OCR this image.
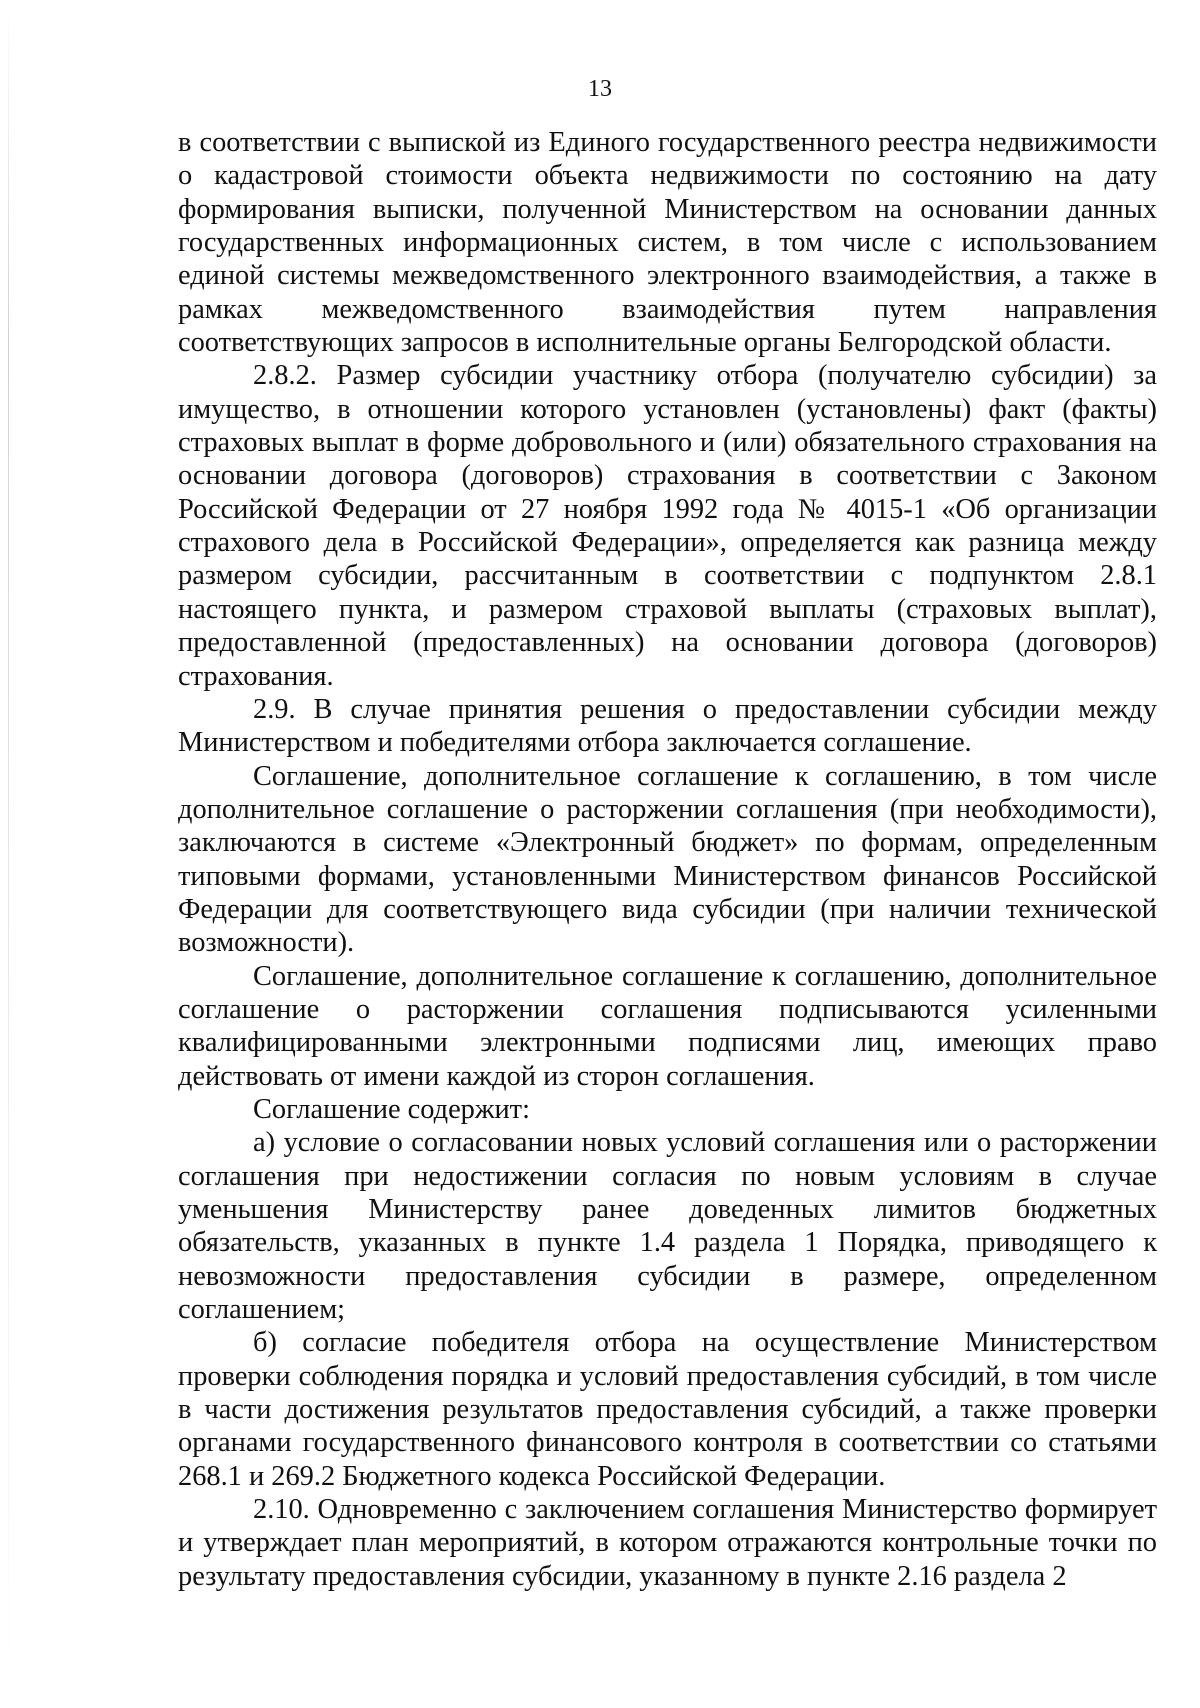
13

в соответствии с выпиской из Единого государственного реестра недвижимости о кадастровой стоимости объекта недвижимости по состоянию на дату формирования выписки, полученной Министерством на основании данных государственных информационных систем, в том числе с использованием единой системы межведомственного электронного взаимодействия, а также в рамках межведомственного взаимодействия путем направления соответствующих запросов в исполнительные органы Белгородской области.

2.8.2. Размер субсидии участнику отбора (получателю субсидии) за имущество, в отношении которого установлен (установлены) факт (факты) страховых выплат в форме добровольного и (или) обязательного страхования на основании договора (договоров) страхования в соответствии с Законом Российской Федерации от 27 ноября 1992 года № 4015-1 «Об организации страхового дела в Российской Федерации», определяется как разница между размером субсидии, рассчитанным в соответствии с подпунктом 2.8.1 настоящего пункта, и размером страховой выплаты (страховых выплат), предоставленной (предоставленных) на основании договора (договоров) страхования.

2.9. В случае принятия решения о предоставлении субсидии между Министерством и победителями отбора заключается соглашение.

Соглашение, дополнительное соглашение к соглашению, в том числе дополнительное соглашение о расторжении соглашения (при необходимости), заключаются в системе «Электронный бюджет» по формам, определенным типовыми формами, установленными Министерством финансов Российской Федерации для соответствующего вида субсидии (при наличии технической возможности).

Соглашение, дополнительное соглашение к соглашению, дополнительное соглашение о расторжении соглашения подписываются усиленными квалифицированными электронными подписями лиц, имеющих право действовать от имени каждой из сторон соглашения.

Соглашение содержит:

а) условие о согласовании новых условий соглашения или о расторжении соглашения при недостижении согласия по новым условиям в случае уменьшения Министерству ранее доведенных лимитов бюджетных обязательств, указанных в пункте 1.4 раздела 1 Порядка, приводящего к невозможности предоставления субсидии в размере, определенном соглашением;

б) согласие победителя отбора на осуществление Министерством проверки соблюдения порядка и условий предоставления субсидий, в том числе в части достижения результатов предоставления субсидий, а также проверки органами государственного финансового контроля в соответствии со статьями 268.1 и 269.2 Бюджетного кодекса Российской Федерации.

2.10. Одновременно с заключением соглашения Министерство формирует и утверждает план мероприятий, в котором отражаются контрольные точки по результату предоставления субсидии, указанному в пункте 2.16 раздела 2
